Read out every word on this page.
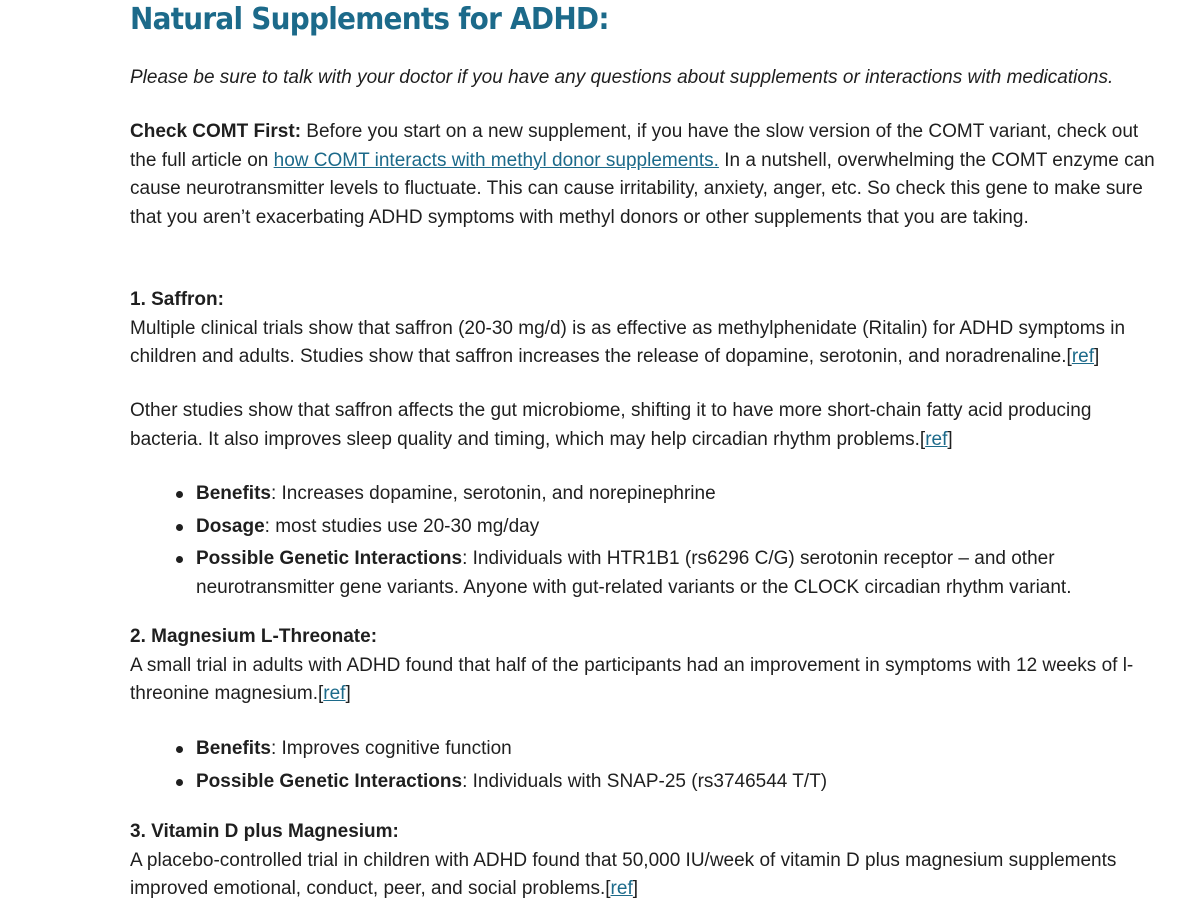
Natural Supplements for ADHD:

Please be sure to talk with your doctor if you have any questions about supplements or interactions with medications.

Check COMT First: Before you start on a new supplement, if you have the slow version of the COMT variant, check out the full article on how COMT interacts with methyl donor supplements. In a nutshell, overwhelming the COMT enzyme can cause neurotransmitter levels to fluctuate. This can cause irritability, anxiety, anger, etc. So check this gene to make sure that you aren’t exacerbating ADHD symptoms with methyl donors or other supplements that you are taking.

1. Saffron:
Multiple clinical trials show that saffron (20-30 mg/d) is as effective as methylphenidate (Ritalin) for ADHD symptoms in children and adults. Studies show that saffron increases the release of dopamine, serotonin, and noradrenaline.[ref]

Other studies show that saffron affects the gut microbiome, shifting it to have more short-chain fatty acid producing bacteria. It also improves sleep quality and timing, which may help circadian rhythm problems.[ref]

Benefits: Increases dopamine, serotonin, and norepinephrine
Dosage: most studies use 20-30 mg/day
Possible Genetic Interactions: Individuals with HTR1B1 (rs6296 C/G) serotonin receptor – and other neurotransmitter gene variants. Anyone with gut-related variants or the CLOCK circadian rhythm variant.

2. Magnesium L-Threonate:
A small trial in adults with ADHD found that half of the participants had an improvement in symptoms with 12 weeks of l-threonine magnesium.[ref]

Benefits: Improves cognitive function
Possible Genetic Interactions: Individuals with SNAP-25 (rs3746544 T/T)

3. Vitamin D plus Magnesium:
A placebo-controlled trial in children with ADHD found that 50,000 IU/week of vitamin D plus magnesium supplements improved emotional, conduct, peer, and social problems.[ref]
